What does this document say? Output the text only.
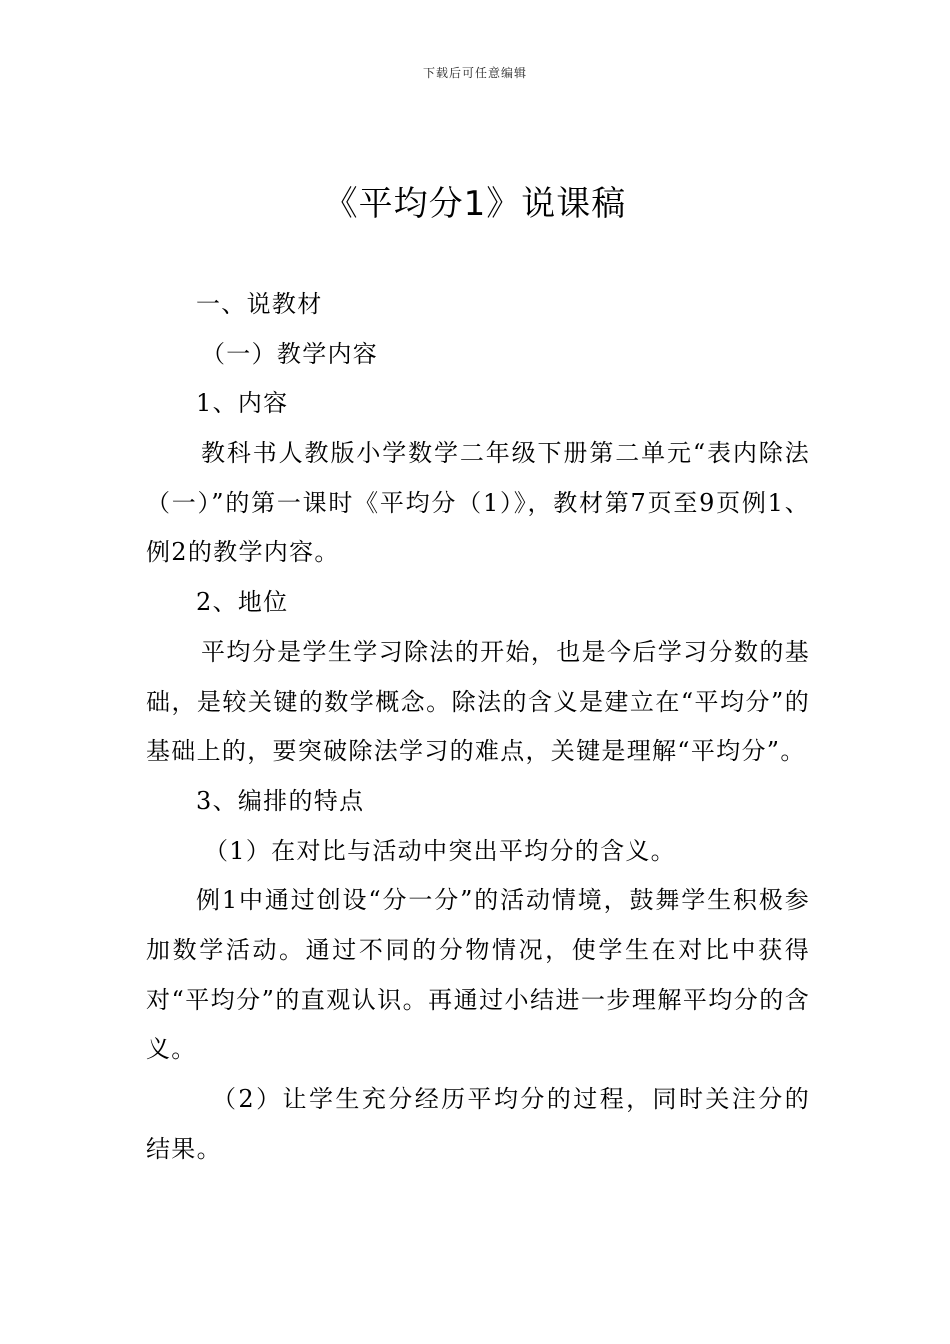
下载后可任意编辑
《平均分1》说课稿
一、说教材
（一）教学内容
1、内容
教科书人教版小学数学二年级下册第二单元“表内除法（一）”的第一课时《平均分（1）》，教材第7页至9页例1、例2的教学内容。
2、地位
平均分是学生学习除法的开始，也是今后学习分数的基础，是较关键的数学概念。除法的含义是建立在“平均分”的基础上的，要突破除法学习的难点，关键是理解“平均分”。
3、编排的特点
（1）在对比与活动中突出平均分的含义。
例1中通过创设“分一分”的活动情境，鼓舞学生积极参加数学活动。通过不同的分物情况，使学生在对比中获得对“平均分”的直观认识。再通过小结进一步理解平均分的含义。
（2）让学生充分经历平均分的过程，同时关注分的结果。
